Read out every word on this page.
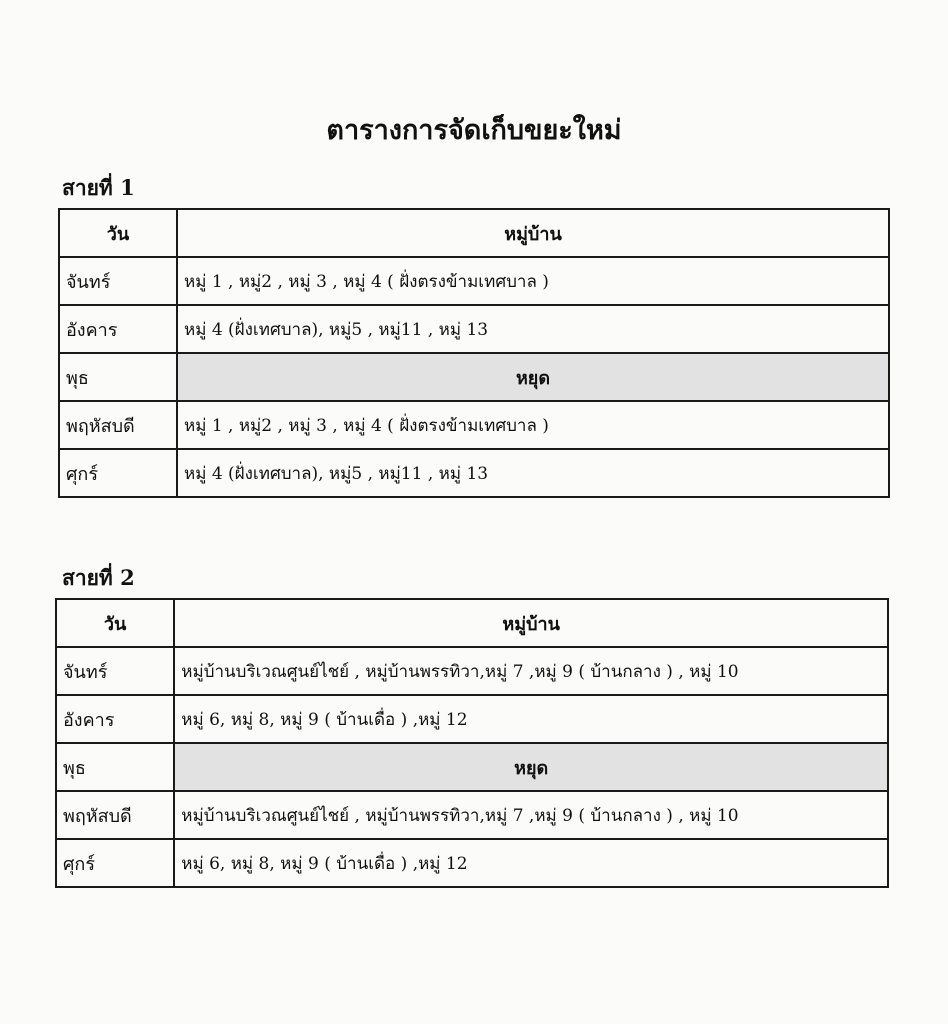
ตารางการจัดเก็บขยะใหม่
สายที่ 1
วัน	หมู่บ้าน
จันทร์	หมู่ 1 , หมู่2 , หมู่ 3 , หมู่ 4 ( ฝั่งตรงข้ามเทศบาล )
อังคาร	หมู่ 4 (ฝั่งเทศบาล), หมู่5 , หมู่11 , หมู่ 13
พุธ	หยุด
พฤหัสบดี	หมู่ 1 , หมู่2 , หมู่ 3 , หมู่ 4 ( ฝั่งตรงข้ามเทศบาล )
ศุกร์	หมู่ 4 (ฝั่งเทศบาล), หมู่5 , หมู่11 , หมู่ 13
สายที่ 2
วัน	หมู่บ้าน
จันทร์	หมู่บ้านบริเวณศูนย์ไชย์ , หมู่บ้านพรรทิวา,หมู่ 7 ,หมู่ 9 ( บ้านกลาง ) , หมู่ 10
อังคาร	หมู่ 6, หมู่ 8, หมู่ 9 ( บ้านเดื่อ ) ,หมู่ 12
พุธ	หยุด
พฤหัสบดี	หมู่บ้านบริเวณศูนย์ไชย์ , หมู่บ้านพรรทิวา,หมู่ 7 ,หมู่ 9 ( บ้านกลาง ) , หมู่ 10
ศุกร์	หมู่ 6, หมู่ 8, หมู่ 9 ( บ้านเดื่อ ) ,หมู่ 12
